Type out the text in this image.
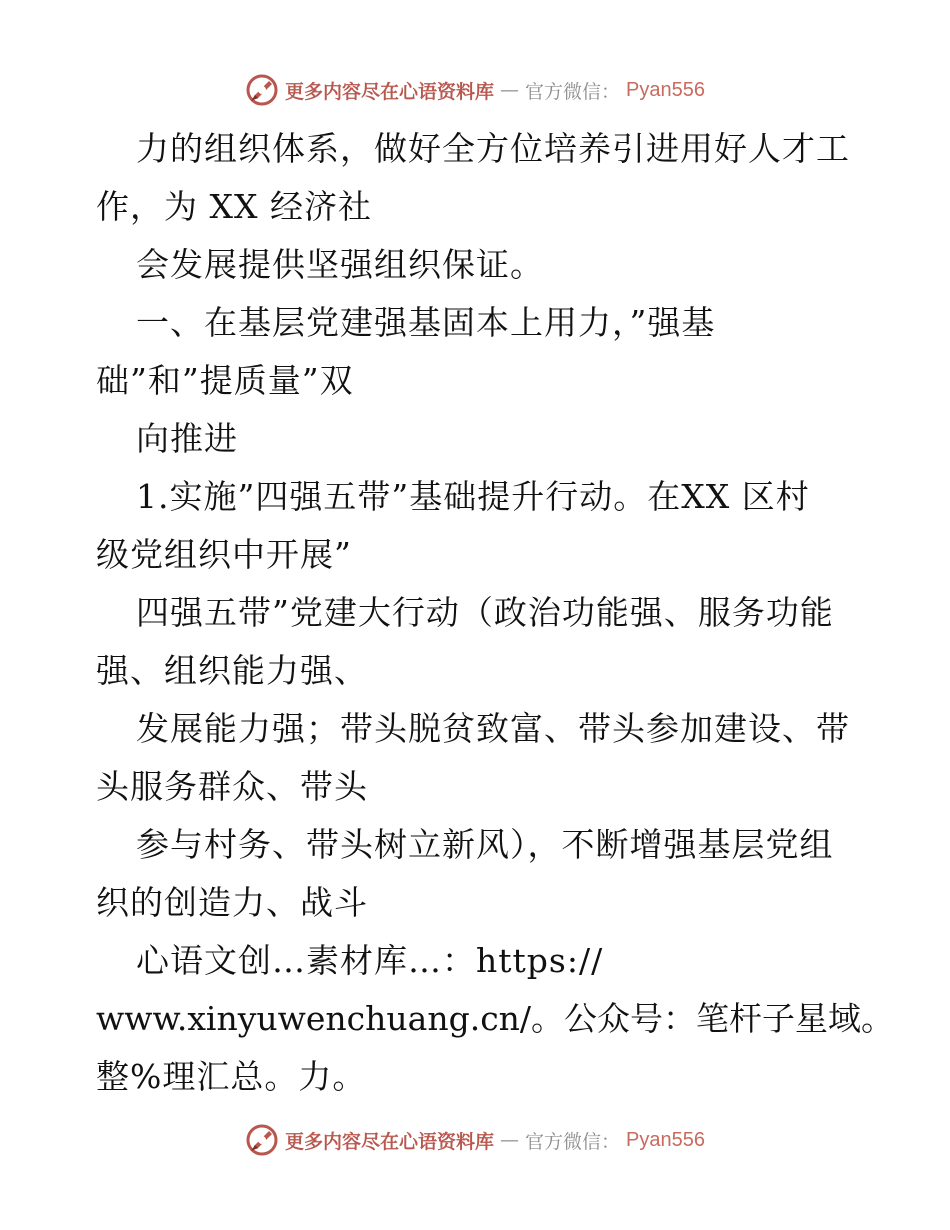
更多内容尽在心语资料库 — 官方微信： Pyan556
力的组织体系，做好全方位培养引进用好人才工
作，为 XX 经济社
会发展提供坚强组织保证。
一、在基层党建强基固本上用力，”强基
础”和”提质量”双
向推进
1.实施”四强五带”基础提升行动。在XX 区村
级党组织中开展”
四强五带”党建大行动（政治功能强、服务功能
强、组织能力强、
发展能力强；带头脱贫致富、带头参加建设、带
头服务群众、带头
参与村务、带头树立新风），不断增强基层党组
织的创造力、战斗
心语文创…素材库…：https://
www.xinyuwenchuang.cn/。公众号：笔杆子星域。
整%理汇总。力。
更多内容尽在心语资料库 — 官方微信： Pyan556
